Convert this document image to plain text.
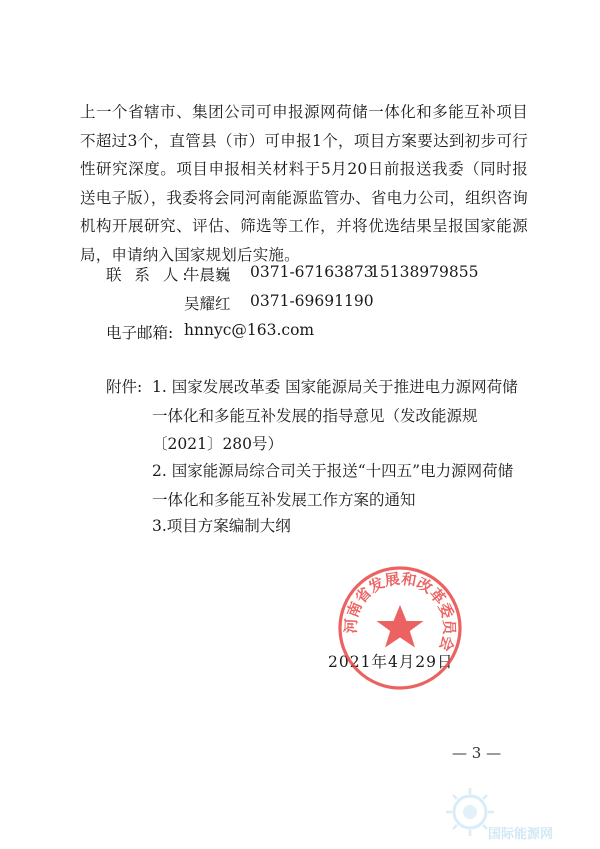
上一个省辖市、集团公司可申报源网荷储一体化和多能互补项目不超过3个，直管县（市）可申报1个，项目方案要达到初步可行性研究深度。项目申报相关材料于5月20日前报送我委（同时报送电子版），我委将会同河南能源监管办、省电力公司，组织咨询机构开展研究、评估、筛选等工作，并将优选结果呈报国家能源局，申请纳入国家规划后实施。

联 系 人:
牛晨巍 0371-67163873
15138979855
吴耀红 0371-69691190
电子邮箱: hnnyc@163.com
附件: 1. 国家发展改革委 国家能源局关于推进电力源网荷储一体化和多能互补发展的指导意见（发改能源规〔2021〕280号）
2. 国家能源局综合司关于报送“十四五”电力源网荷储一体化和多能互补发展工作方案的通知
3.项目方案编制大纲
2021年4月29日
河南省发展和改革委员会
— 3 —
国际能源网
